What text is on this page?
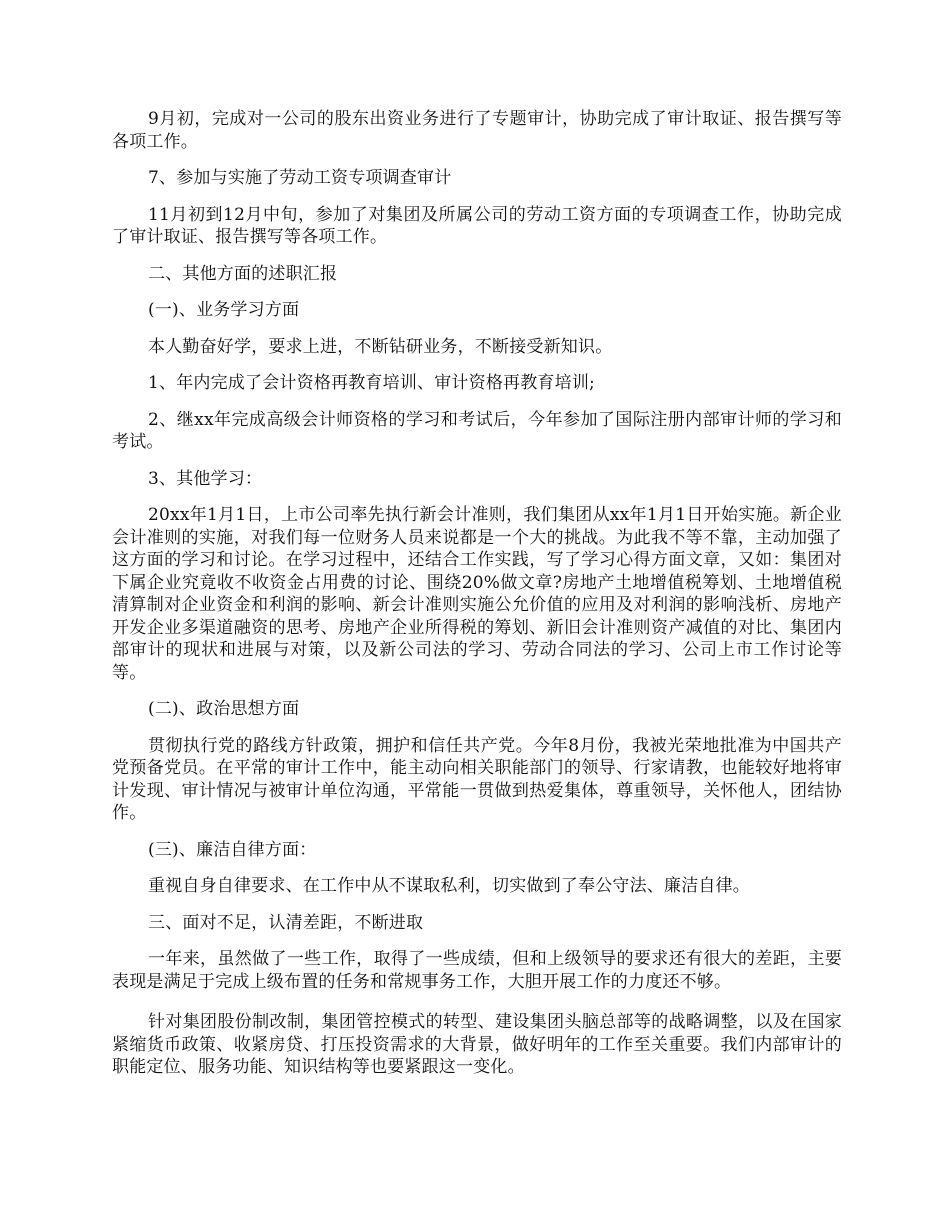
9月初，完成对一公司的股东出资业务进行了专题审计，协助完成了审计取证、报告撰写等各项工作。

7、参加与实施了劳动工资专项调查审计

11月初到12月中旬，参加了对集团及所属公司的劳动工资方面的专项调查工作，协助完成了审计取证、报告撰写等各项工作。

二、其他方面的述职汇报

(一)、业务学习方面

本人勤奋好学，要求上进，不断钻研业务，不断接受新知识。

1、年内完成了会计资格再教育培训、审计资格再教育培训;

2、继xx年完成高级会计师资格的学习和考试后，今年参加了国际注册内部审计师的学习和考试。

3、其他学习：

20xx年1月1日，上市公司率先执行新会计准则，我们集团从xx年1月1日开始实施。新企业会计准则的实施，对我们每一位财务人员来说都是一个大的挑战。为此我不等不靠，主动加强了这方面的学习和讨论。在学习过程中，还结合工作实践，写了学习心得方面文章，又如：集团对下属企业究竟收不收资金占用费的讨论、围绕20%做文章?房地产土地增值税筹划、土地增值税清算制对企业资金和利润的影响、新会计准则实施公允价值的应用及对利润的影响浅析、房地产开发企业多渠道融资的思考、房地产企业所得税的筹划、新旧会计准则资产减值的对比、集团内部审计的现状和进展与对策，以及新公司法的学习、劳动合同法的学习、公司上市工作讨论等等。

(二)、政治思想方面

贯彻执行党的路线方针政策，拥护和信任共产党。今年8月份，我被光荣地批准为中国共产党预备党员。在平常的审计工作中，能主动向相关职能部门的领导、行家请教，也能较好地将审计发现、审计情况与被审计单位沟通，平常能一贯做到热爱集体，尊重领导，关怀他人，团结协作。

(三)、廉洁自律方面：

重视自身自律要求、在工作中从不谋取私利，切实做到了奉公守法、廉洁自律。

三、面对不足，认清差距，不断进取

一年来，虽然做了一些工作，取得了一些成绩，但和上级领导的要求还有很大的差距，主要表现是满足于完成上级布置的任务和常规事务工作，大胆开展工作的力度还不够。

针对集团股份制改制，集团管控模式的转型、建设集团头脑总部等的战略调整，以及在国家紧缩货币政策、收紧房贷、打压投资需求的大背景，做好明年的工作至关重要。我们内部审计的职能定位、服务功能、知识结构等也要紧跟这一变化。
